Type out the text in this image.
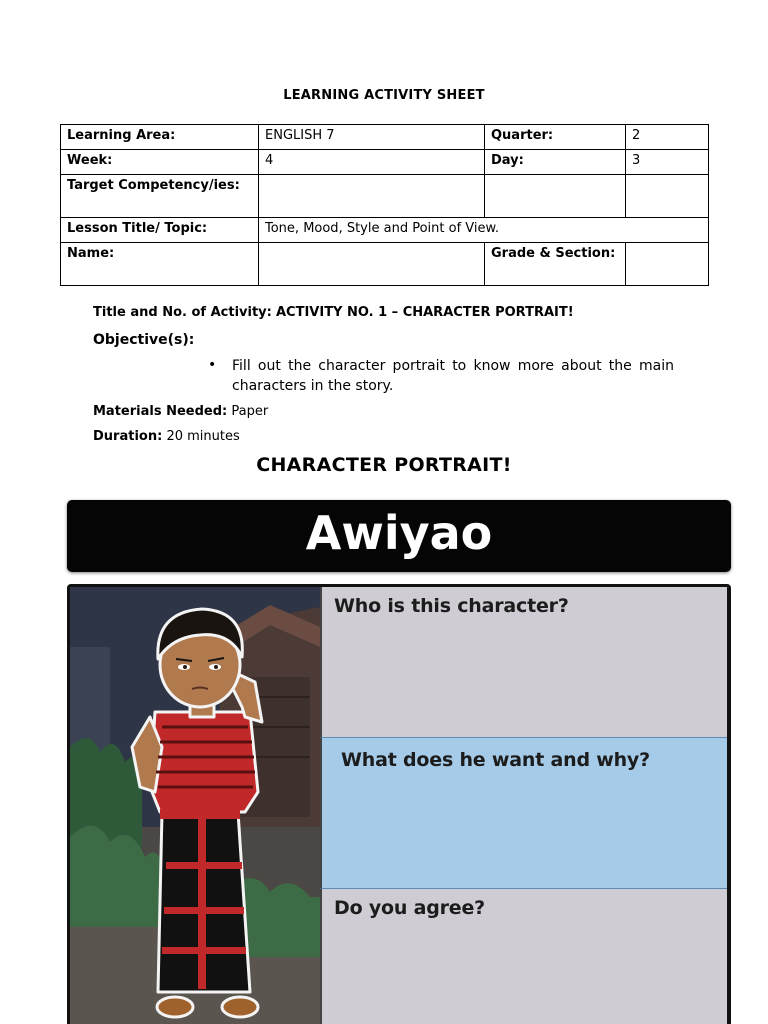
LEARNING ACTIVITY SHEET
Learning Area:	ENGLISH 7	Quarter:	2
Week:	4	Day:	3
Target Competency/ies:			
Lesson Title/ Topic:	Tone, Mood, Style and Point of View.		
Name:		Grade & Section:	
Title and No. of Activity: ACTIVITY NO. 1 – CHARACTER PORTRAIT!
Objective(s):
• Fill out the character portrait to know more about the main characters in the story.
Materials Needed: Paper
Duration: 20 minutes
CHARACTER PORTRAIT!
Awiyao
Who is this character?
What does he want and why?
Do you agree?
